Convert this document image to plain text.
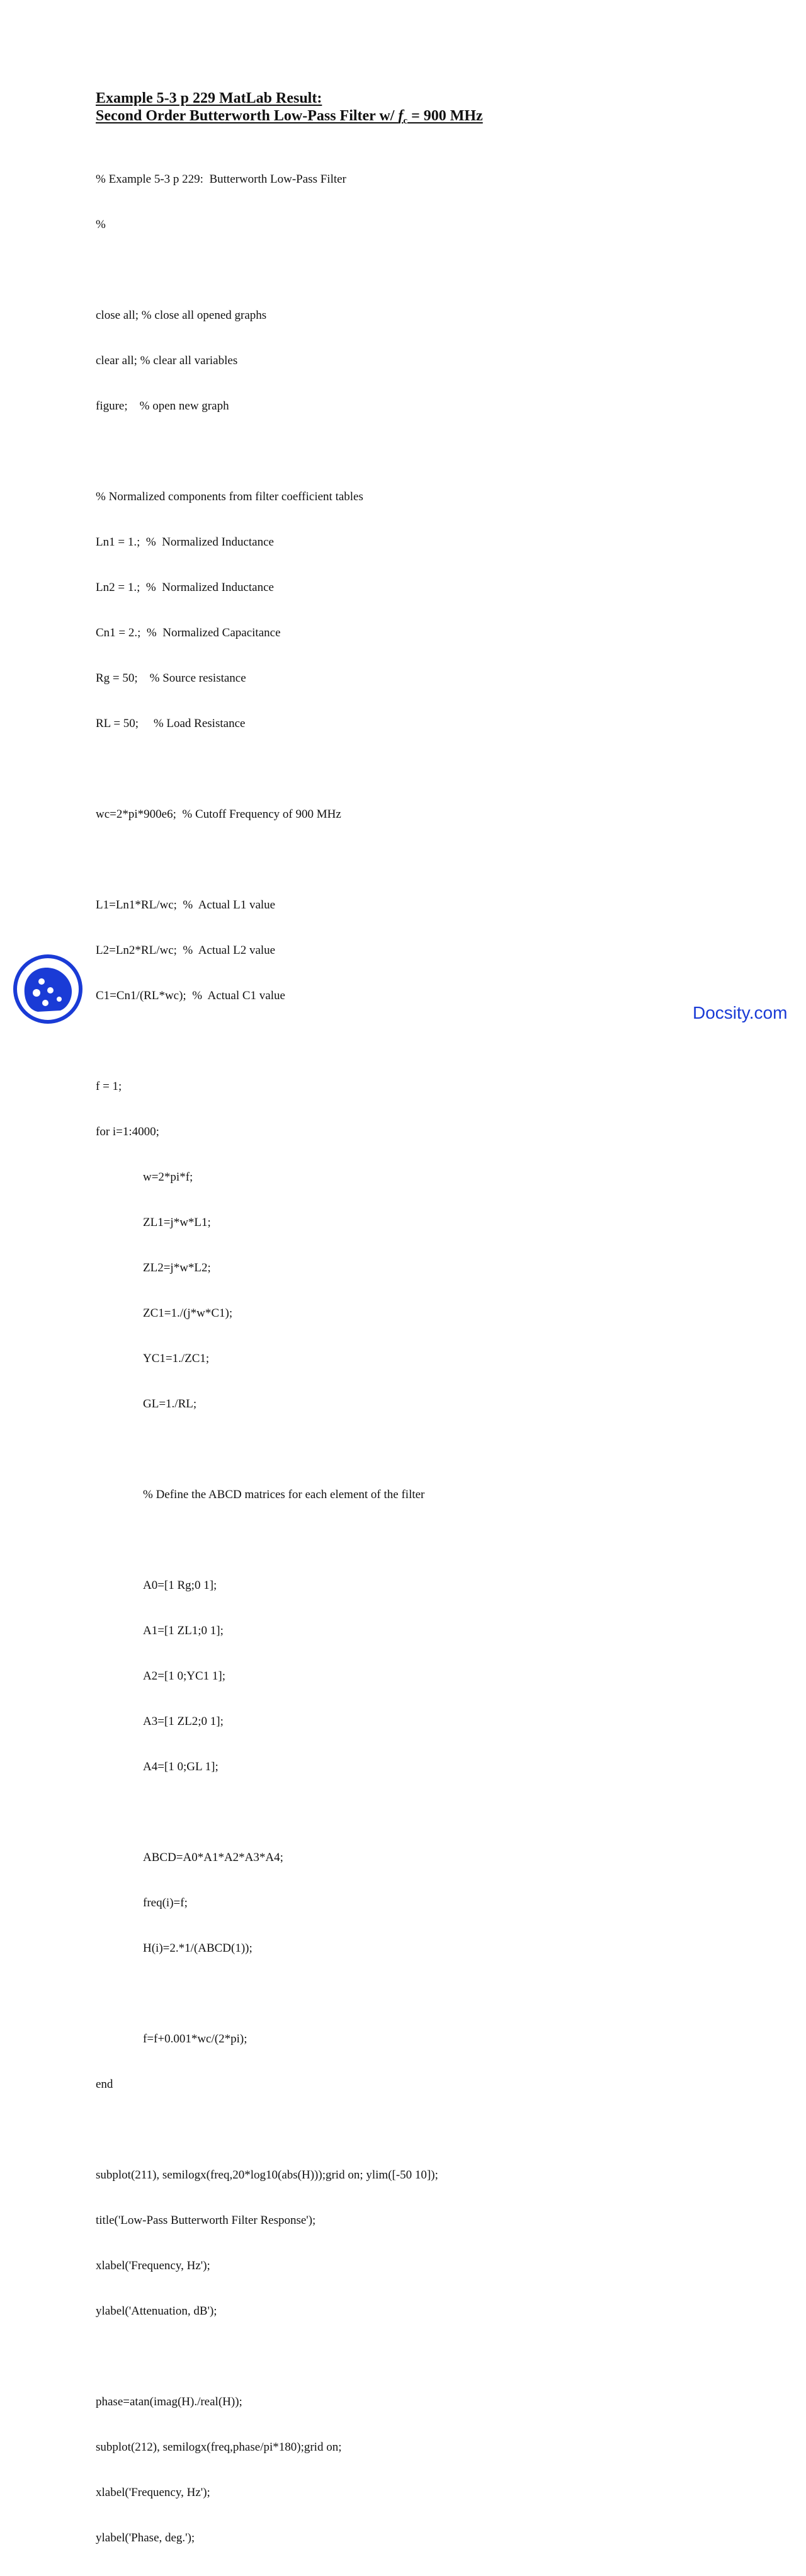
Example 5-3 p 229 MatLab Result:
Second Order Butterworth Low-Pass Filter w/ $f_c = 900$ MHz

% Example 5-3 p 229:  Butterworth Low-Pass Filter

%

close all; % close all opened graphs

clear all; % clear all variables

figure;    % open new graph

% Normalized components from filter coefficient tables

Ln1 = 1.;  %  Normalized Inductance

Ln2 = 1.;  %  Normalized Inductance

Cn1 = 2.;  %  Normalized Capacitance

Rg = 50;    % Source resistance

RL = 50;     % Load Resistance

wc=2*pi*900e6;  % Cutoff Frequency of 900 MHz

L1=Ln1*RL/wc;  %  Actual L1 value

L2=Ln2*RL/wc;  %  Actual L2 value

C1=Cn1/(RL*wc);  %  Actual C1 value

f = 1;

for i=1:4000;

w=2*pi*f;

ZL1=j*w*L1;

ZL2=j*w*L2;

ZC1=1./(j*w*C1);

YC1=1./ZC1;

GL=1./RL;

% Define the ABCD matrices for each element of the filter

A0=[1 Rg;0 1];

A1=[1 ZL1;0 1];

A2=[1 0;YC1 1];

A3=[1 ZL2;0 1];

A4=[1 0;GL 1];

ABCD=A0*A1*A2*A3*A4;

freq(i)=f;

H(i)=2.*1/(ABCD(1));

f=f+0.001*wc/(2*pi);

end

subplot(211), semilogx(freq,20*log10(abs(H)));grid on; ylim([-50 10]);

title('Low-Pass Butterworth Filter Response');

xlabel('Frequency, Hz');

ylabel('Attenuation, dB');

phase=atan(imag(H)./real(H));

subplot(212), semilogx(freq,phase/pi*180);grid on;

xlabel('Frequency, Hz');

ylabel('Phase, deg.');

Docsity.com
